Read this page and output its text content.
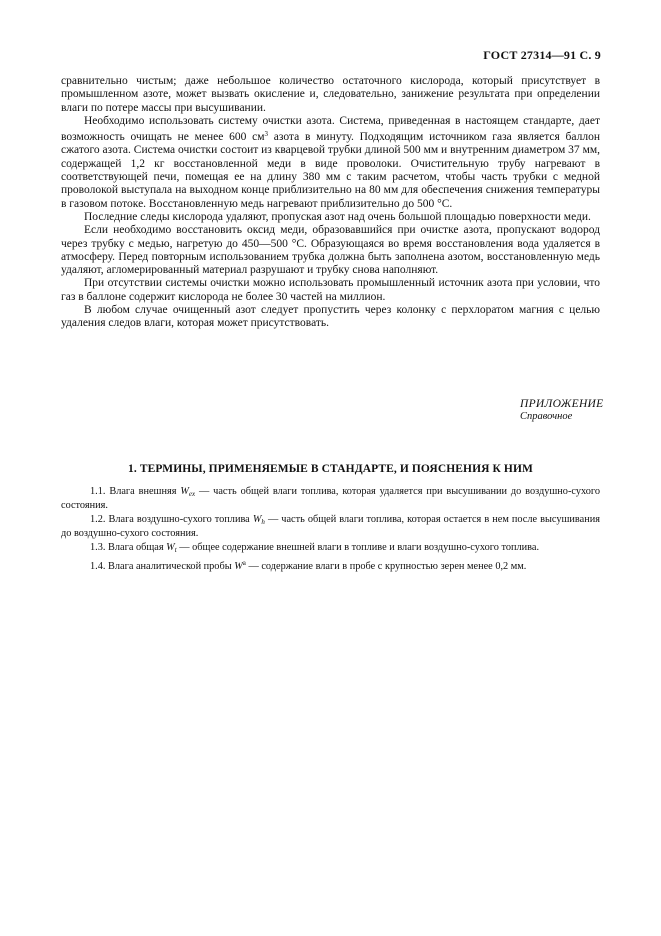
ГОСТ 27314—91 С. 9

сравнительно чистым; даже небольшое количество остаточного кислорода, который присутствует в промышленном азоте, может вызвать окисление и, следовательно, занижение результата при определении влаги по потере массы при высушивании.

Необходимо использовать систему очистки азота. Система, приведенная в настоящем стандарте, дает возможность очищать не менее 600 $см^3$ азота в минуту. Подходящим источником газа является баллон сжатого азота. Система очистки состоит из кварцевой трубки длиной 500 мм и внутренним диаметром 37 мм, содержащей 1,2 кг восстановленной меди в виде проволоки. Очистительную трубу нагревают в соответствующей печи, помещая ее на длину 380 мм с таким расчетом, чтобы часть трубки с медной проволокой выступала на выходном конце приблизительно на 80 мм для обеспечения снижения температуры в газовом потоке. Восстановленную медь нагревают приблизительно до 500 °С.

Последние следы кислорода удаляют, пропуская азот над очень большой площадью поверхности меди.

Если необходимо восстановить оксид меди, образовавшийся при очистке азота, пропускают водород через трубку с медью, нагретую до 450—500 °С. Образующаяся во время восстановления вода удаляется в атмосферу. Перед повторным использованием трубка должна быть заполнена азотом, восстановленную медь удаляют, агломерированный материал разрушают и трубку снова наполняют.

При отсутствии системы очистки можно использовать промышленный источник азота при условии, что газ в баллоне содержит кислорода не более 30 частей на миллион.

В любом случае очищенный азот следует пропустить через колонку с перхлоратом магния с целью удаления следов влаги, которая может присутствовать.

ПРИЛОЖЕНИЕ
Справочное
1. ТЕРМИНЫ, ПРИМЕНЯЕМЫЕ В СТАНДАРТЕ, И ПОЯСНЕНИЯ К НИМ

1.1. Влага внешняя $W_{ex}$ — часть общей влаги топлива, которая удаляется при высушивании до воздушно-сухого состояния.

1.2. Влага воздушно-сухого топлива $W_h$ — часть общей влаги топлива, которая остается в нем после высушивания до воздушно-сухого состояния.

1.3. Влага общая $W_t$ — общее содержание внешней влаги в топливе и влаги воздушно-сухого топлива.

1.4. Влага аналитической пробы $W^a$ — содержание влаги в пробе с крупностью зерен менее 0,2 мм.
